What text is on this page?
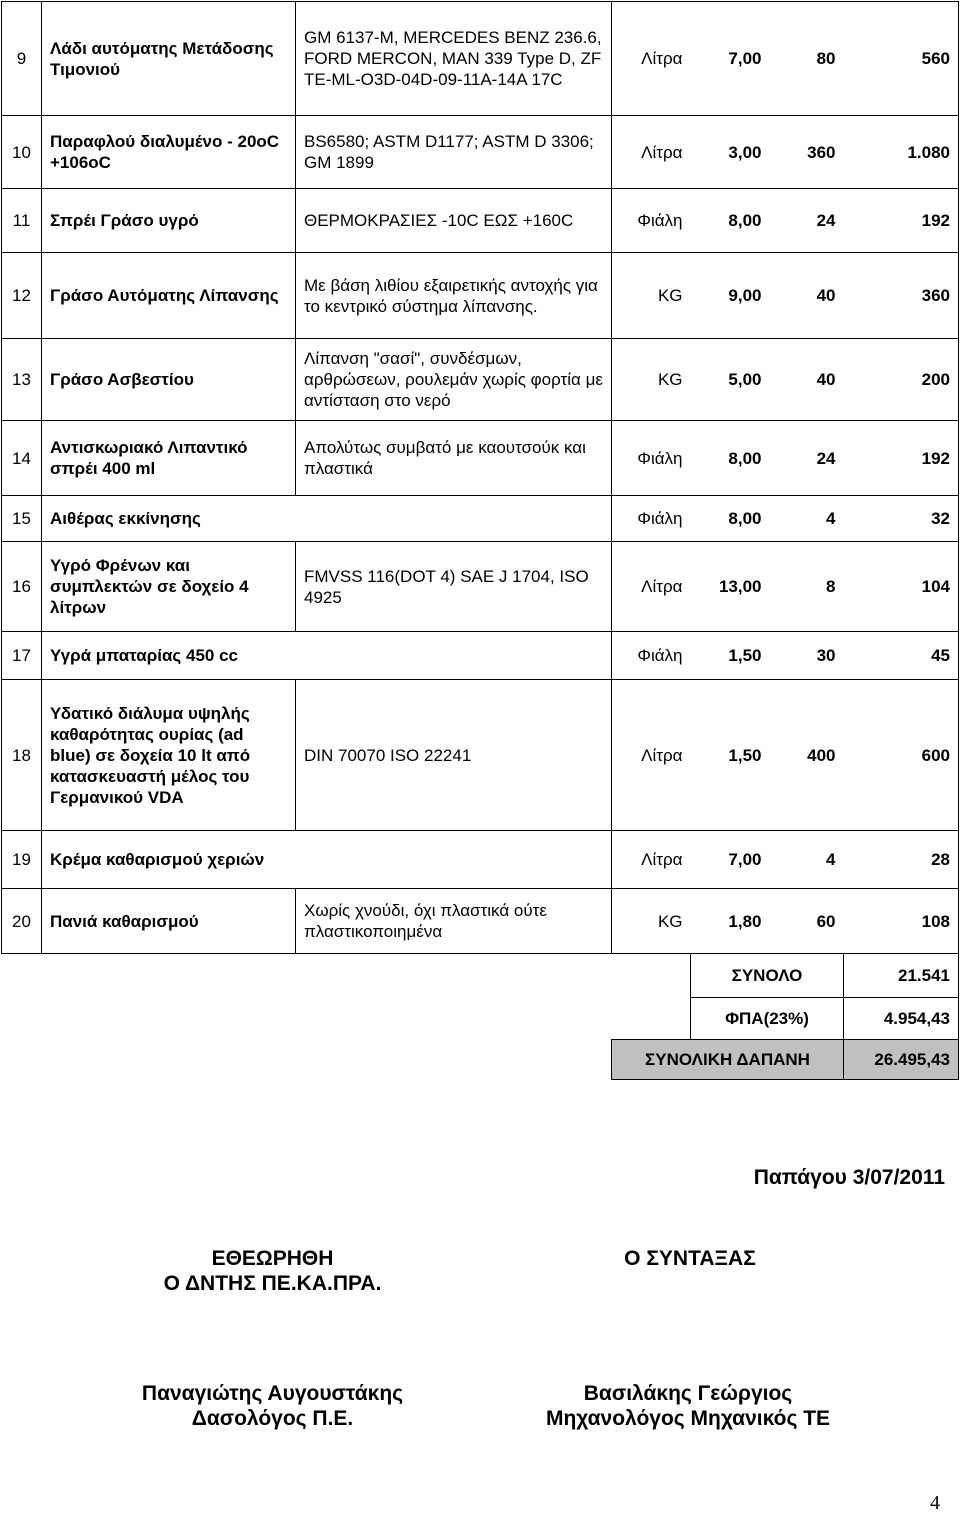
9	Λάδι αυτόματης Μετάδοσης Τιμονιού	GM 6137-M, MERCEDES BENZ 236.6, FORD MERCON, MAN 339 Type D, ZF TE-ML-O3D-04D-09-11A-14A 17C	Λίτρα	7,00	80	560
10	Παραφλού διαλυμένο - 20oC +106oC	BS6580; ASTM D1177; ASTM D 3306; GM 1899	Λίτρα	3,00	360	1.080
11	Σπρέι Γράσο υγρό	ΘΕΡΜΟΚΡΑΣΙΕΣ -10C ΕΩΣ +160C	Φιάλη	8,00	24	192
12	Γράσο Αυτόματης Λίπανσης	Με βάση λιθίου εξαιρετικής αντοχής για το κεντρικό σύστημα λίπανσης.	KG	9,00	40	360
13	Γράσο Ασβεστίου	Λίπανση "σασί", συνδέσμων, αρθρώσεων, ρουλεμάν χωρίς φορτία με αντίσταση στο νερό	KG	5,00	40	200
14	Αντισκωριακό Λιπαντικό σπρέι 400 ml	Απολύτως συμβατό με καουτσούκ και πλαστικά	Φιάλη	8,00	24	192
15	Αιθέρας εκκίνησης		Φιάλη	8,00	4	32
16	Υγρό Φρένων και συμπλεκτών σε δοχείο 4 λίτρων	FMVSS 116(DOT 4) SAE J 1704, ISO 4925	Λίτρα	13,00	8	104
17	Υγρά μπαταρίας 450 cc		Φιάλη	1,50	30	45
18	Υδατικό διάλυμα υψηλής καθαρότητας ουρίας (ad blue) σε δοχεία 10 lt από κατασκευαστή μέλος του Γερμανικού VDA	DIN 70070 ISO 22241	Λίτρα	1,50	400	600
19	Κρέμα καθαρισμού χεριών		Λίτρα	7,00	4	28
20	Πανιά καθαρισμού	Χωρίς χνούδι, όχι πλαστικά ούτε πλαστικοποιημένα	KG	1,80	60	108
				ΣΥΝΟΛΟ		21.541
				ΦΠΑ(23%)		4.954,43
			ΣΥΝΟΛΙΚΗ ΔΑΠΑΝΗ			26.495,43
Παπάγου 3/07/2011
ΕΘΕΩΡΗΘΗ
Ο ΔΝΤΗΣ ΠΕ.ΚΑ.ΠΡΑ.
Ο ΣΥΝΤΑΞΑΣ
Παναγιώτης Αυγουστάκης
Δασολόγος Π.Ε.
Βασιλάκης Γεώργιος
Μηχανολόγος Μηχανικός ΤΕ
4
